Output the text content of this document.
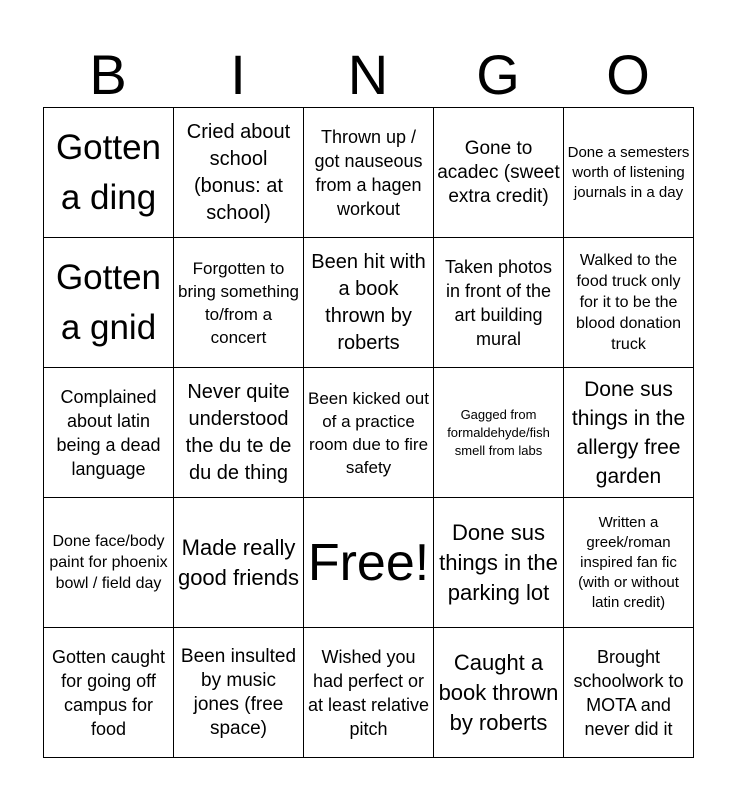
B	I	N	G	O
Gotten a ding	Cried about school (bonus: at school)	Thrown up / got nauseous from a hagen workout	Gone to acadec (sweet extra credit)	Done a semesters worth of listening journals in a day
Gotten a gnid	Forgotten to bring something to/from a concert	Been hit with a book thrown by roberts	Taken photos in front of the art building mural	Walked to the food truck only for it to be the blood donation truck
Complained about latin being a dead language	Never quite understood the du te de du de thing	Been kicked out of a practice room due to fire safety	Gagged from formaldehyde/fish smell from labs	Done sus things in the allergy free garden
Done face/body paint for phoenix bowl / field day	Made really good friends	Free!	Done sus things in the parking lot	Written a greek/roman inspired fan fic (with or without latin credit)
Gotten caught for going off campus for food	Been insulted by music jones (free space)	Wished you had perfect or at least relative pitch	Caught a book thrown by roberts	Brought schoolwork to MOTA and never did it
